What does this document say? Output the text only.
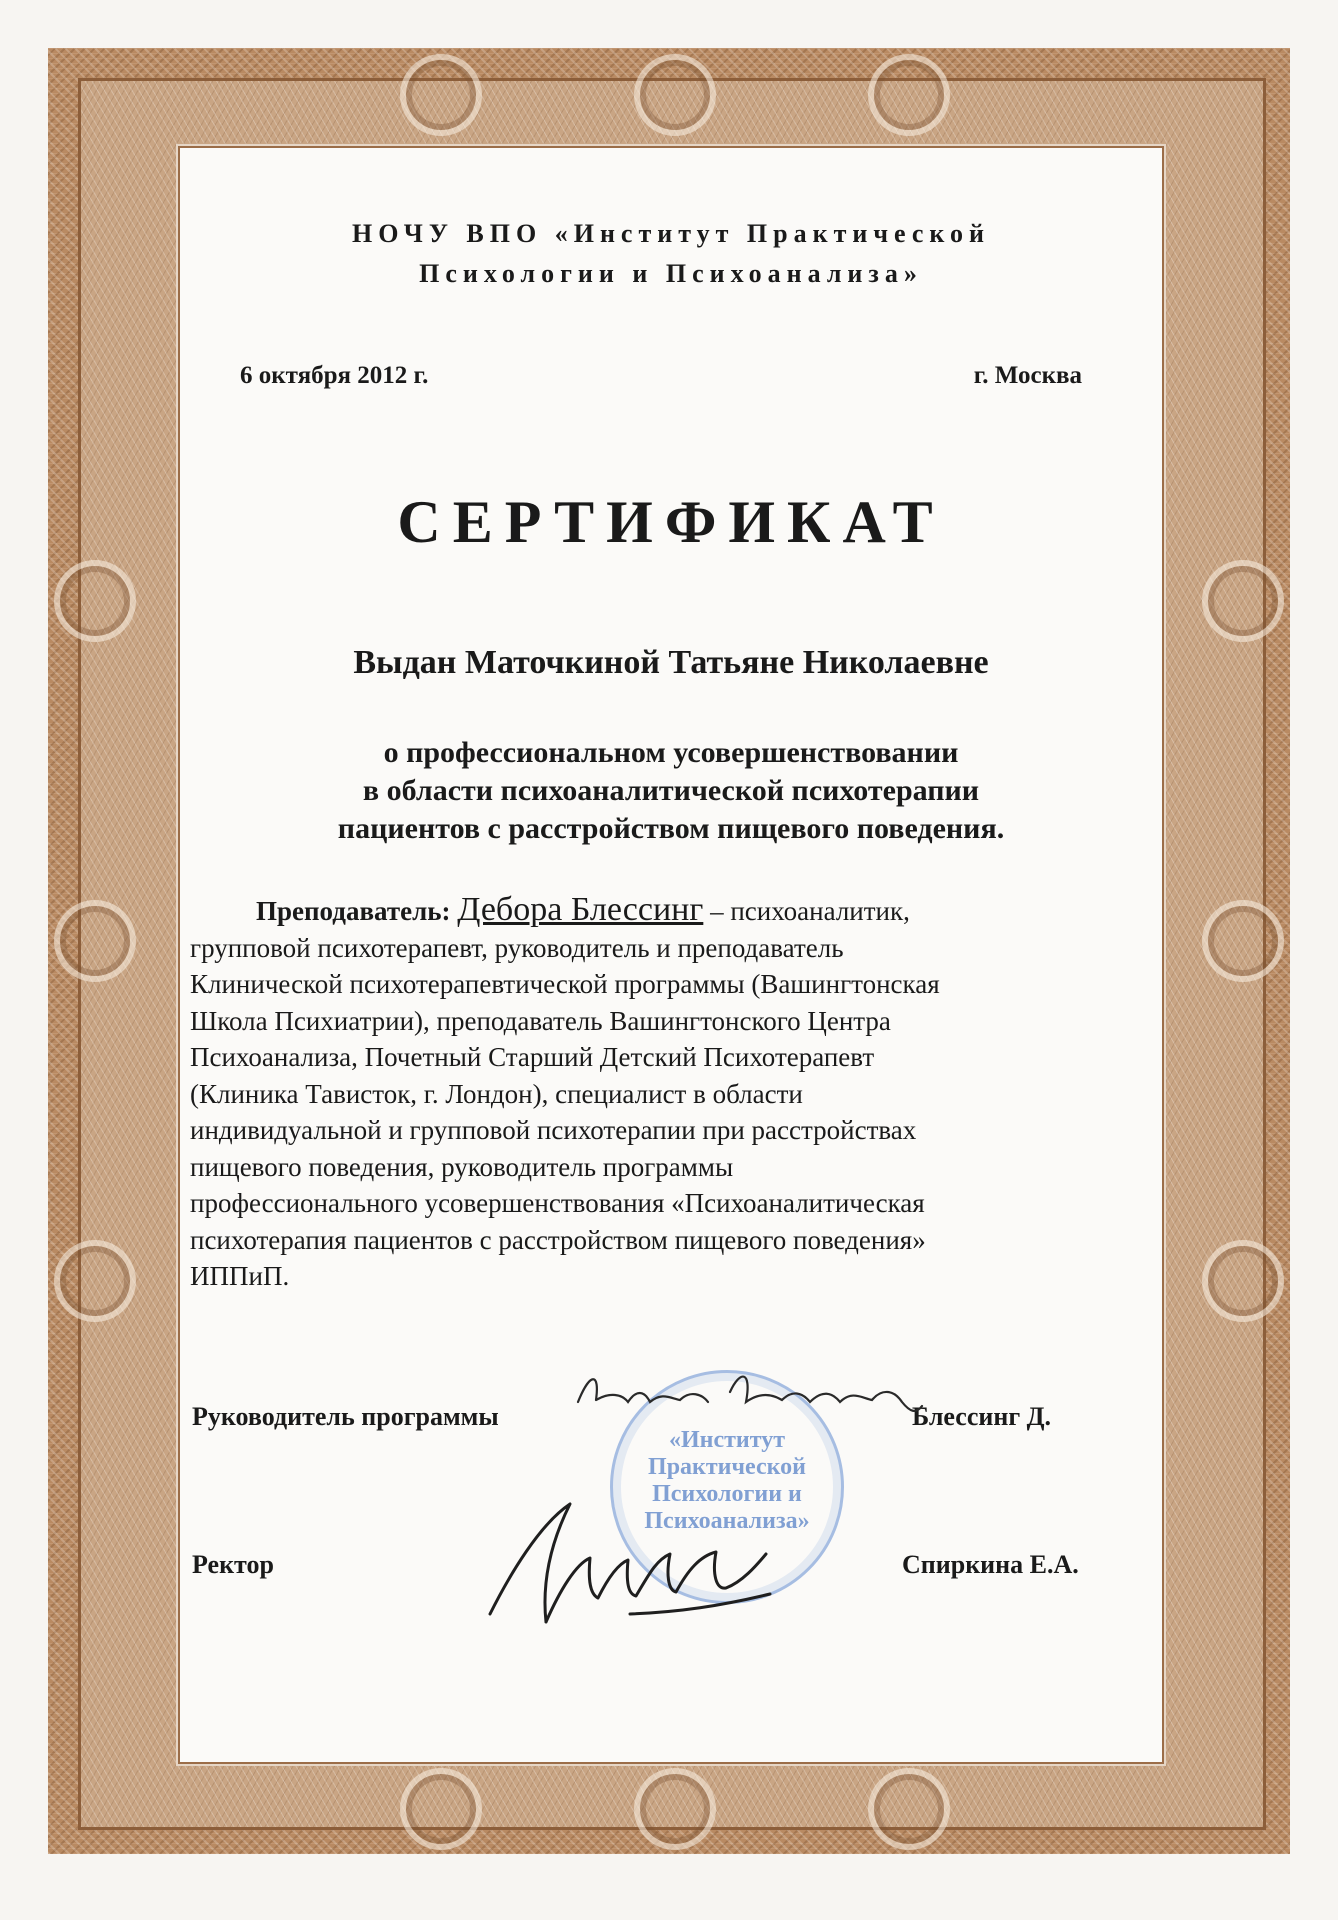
НОЧУ ВПО «Институт Практической
Психологии и Психоанализа»
6 октября 2012 г.	г. Москва
СЕРТИФИКАТ
Выдан Маточкиной Татьяне Николаевне
о профессиональном усовершенствовании
в области психоаналитической психотерапии
пациентов с расстройством пищевого поведения.
Преподаватель: Дебора Блессинг – психоаналитик,
групповой психотерапевт, руководитель и преподаватель
Клинической психотерапевтической программы (Вашингтонская
Школа Психиатрии), преподаватель Вашингтонского Центра
Психоанализа, Почетный Старший Детский Психотерапевт
(Клиника Тависток, г. Лондон), специалист в области
индивидуальной и групповой психотерапии при расстройствах
пищевого поведения, руководитель программы
профессионального усовершенствования «Психоаналитическая
психотерапия пациентов с расстройством пищевого поведения»
ИППиП.
«Институт
Практической
Психологии и
Психоанализа»
Руководитель программы	Блессинг Д.
Ректор	Спиркина Е.А.
